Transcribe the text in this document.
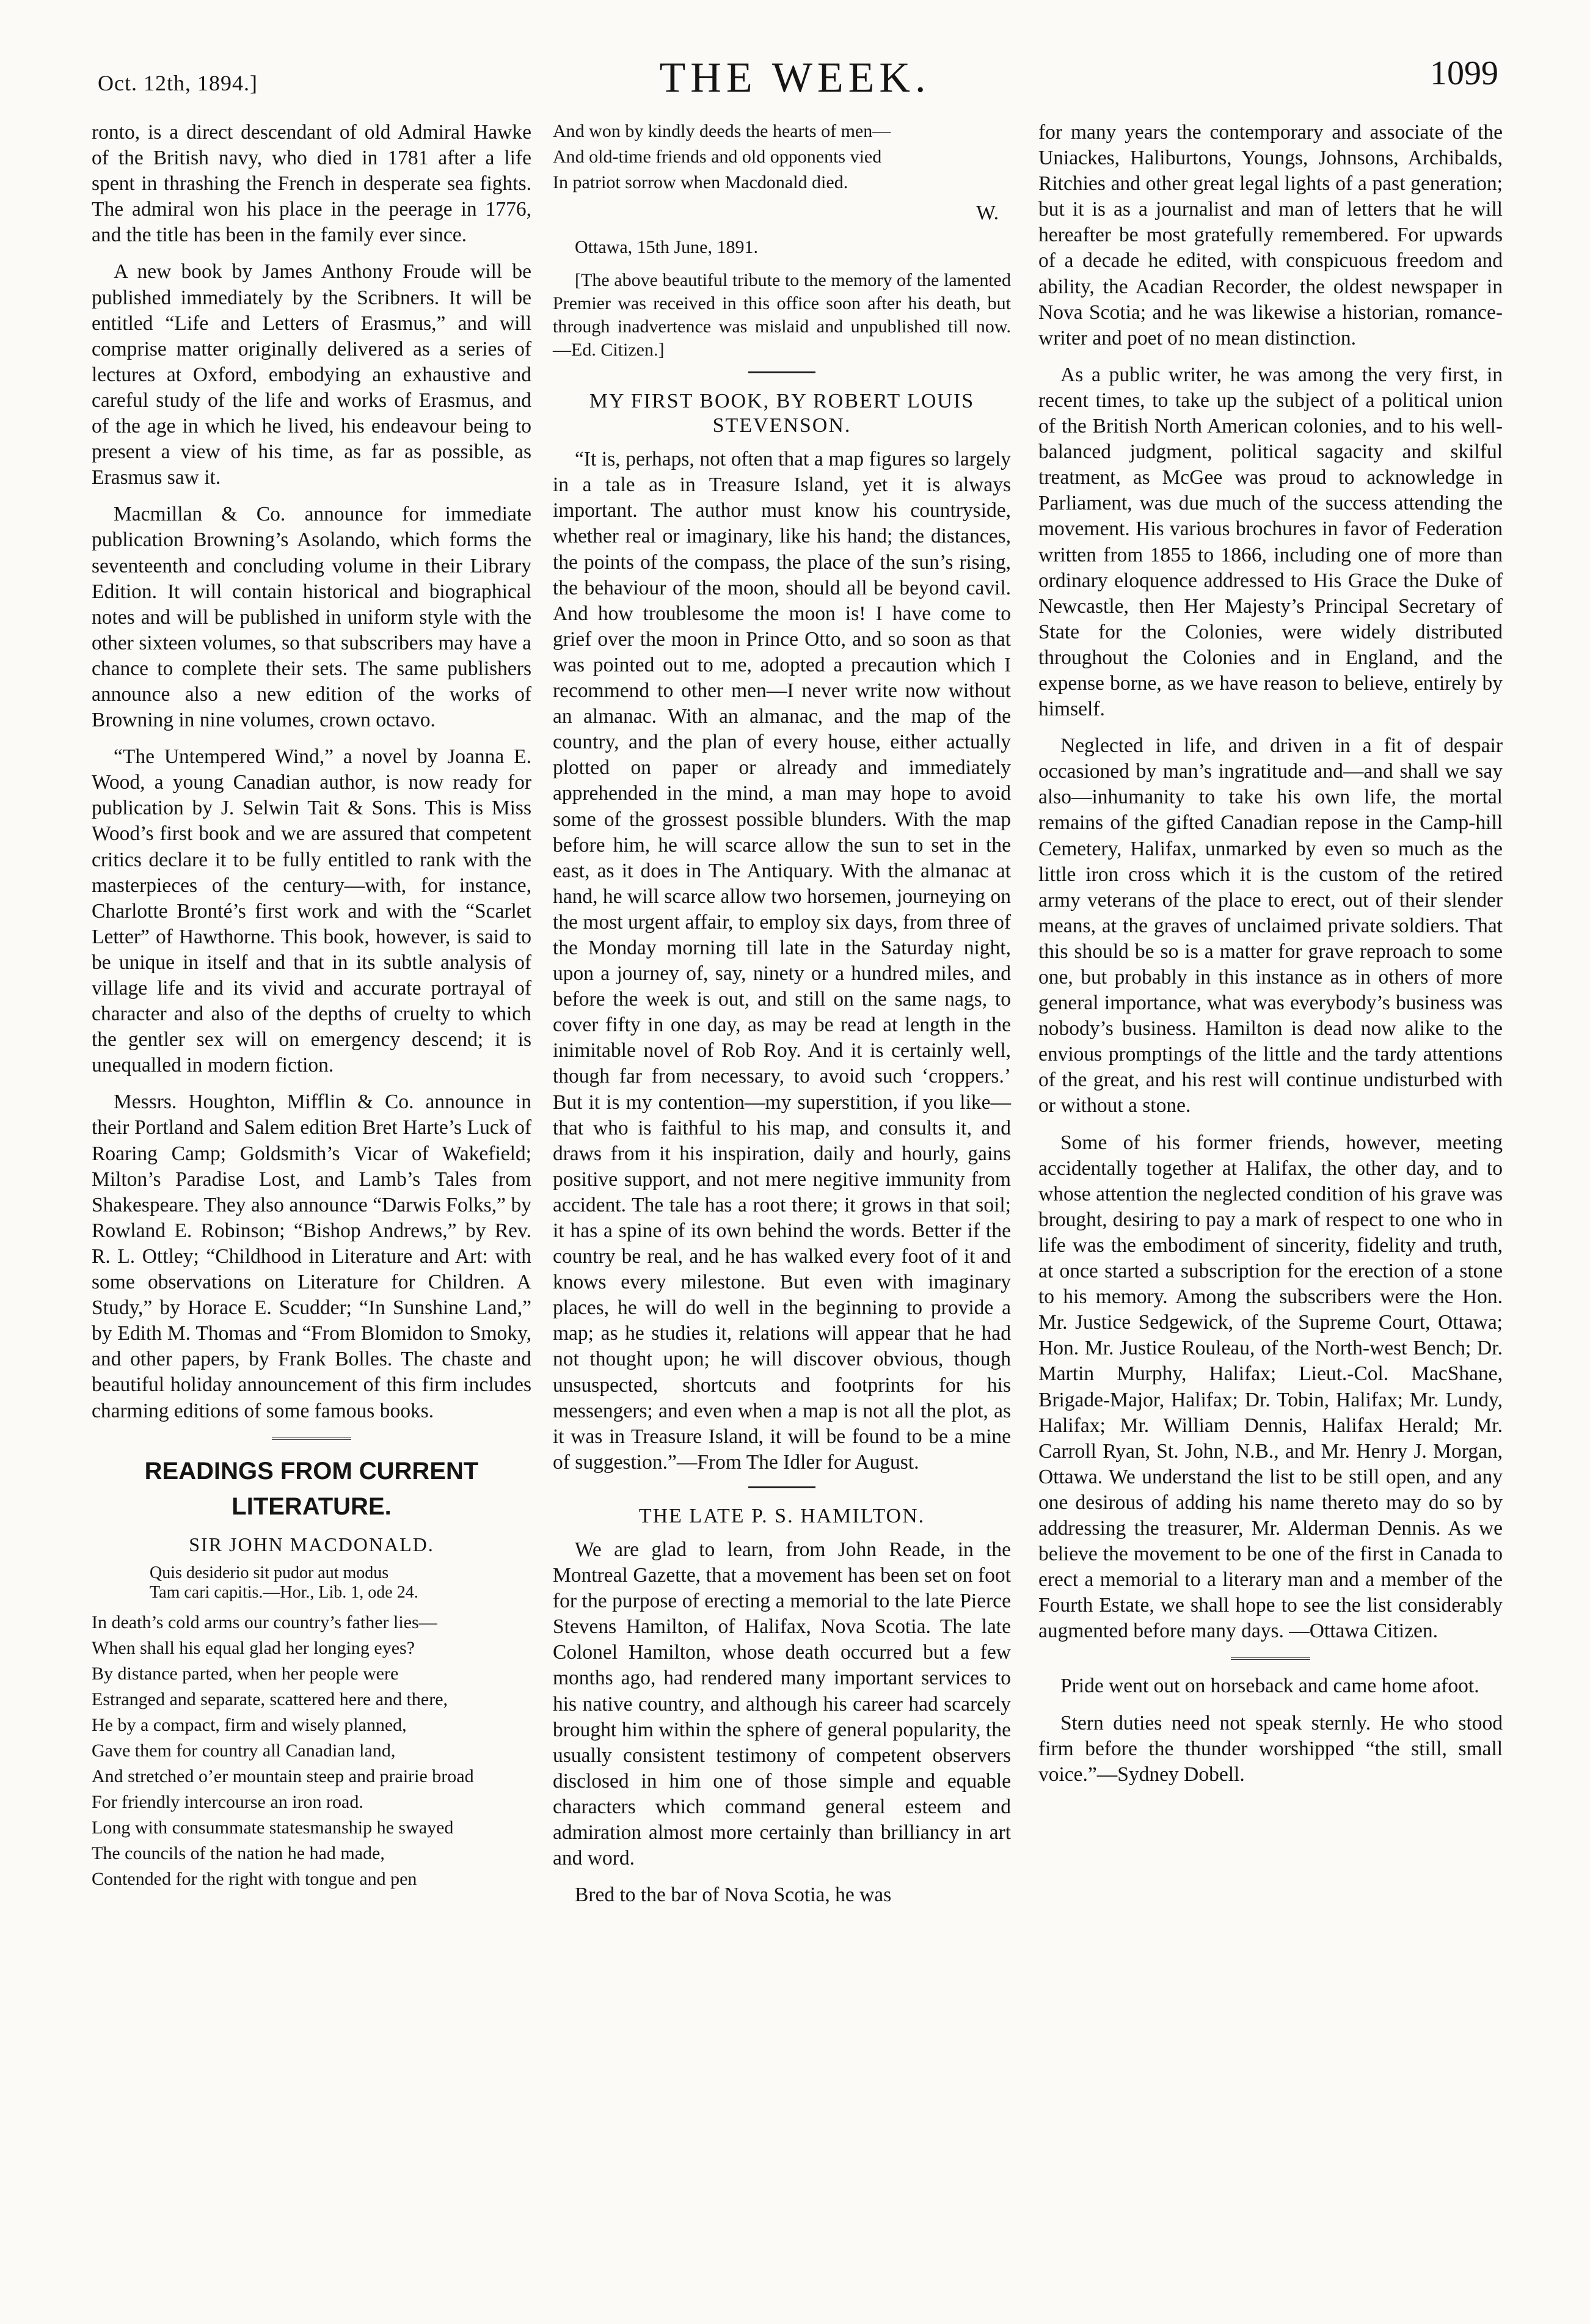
Oct. 12th, 1894.]	THE WEEK.	1099

ronto, is a direct descendant of old Admiral Hawke of the British navy, who died in 1781 after a life spent in thrashing the French in desperate sea fights. The admiral won his place in the peerage in 1776, and the title has been in the family ever since.

A new book by James Anthony Froude will be published immediately by the Scribners. It will be entitled “Life and Letters of Erasmus,” and will comprise matter originally delivered as a series of lectures at Oxford, embodying an exhaustive and careful study of the life and works of Erasmus, and of the age in which he lived, his endeavour being to present a view of his time, as far as possible, as Erasmus saw it.

Macmillan & Co. announce for immediate publication Browning’s Asolando, which forms the seventeenth and concluding volume in their Library Edition. It will contain historical and biographical notes and will be published in uniform style with the other sixteen volumes, so that subscribers may have a chance to complete their sets. The same publishers announce also a new edition of the works of Browning in nine volumes, crown octavo.

“The Untempered Wind,” a novel by Joanna E. Wood, a young Canadian author, is now ready for publication by J. Selwin Tait & Sons. This is Miss Wood’s first book and we are assured that competent critics declare it to be fully entitled to rank with the masterpieces of the century—with, for instance, Charlotte Bronté’s first work and with the “Scarlet Letter” of Hawthorne. This book, however, is said to be unique in itself and that in its subtle analysis of village life and its vivid and accurate portrayal of character and also of the depths of cruelty to which the gentler sex will on emergency descend; it is unequalled in modern fiction.

Messrs. Houghton, Mifflin & Co. announce in their Portland and Salem edition Bret Harte’s Luck of Roaring Camp; Goldsmith’s Vicar of Wakefield; Milton’s Paradise Lost, and Lamb’s Tales from Shakespeare. They also announce “Darwis Folks,” by Rowland E. Robinson; “Bishop Andrews,” by Rev. R. L. Ottley; “Childhood in Literature and Art: with some observations on Literature for Children. A Study,” by Horace E. Scudder; “In Sunshine Land,” by Edith M. Thomas and “From Blomidon to Smoky, and other papers, by Frank Bolles. The chaste and beautiful holiday announcement of this firm includes charming editions of some famous books.

READINGS FROM CURRENT LITERATURE.
SIR JOHN MACDONALD.
Quis desiderio sit pudor aut modus
Tam cari capitis.—Hor., Lib. 1, ode 24.
In death’s cold arms our country’s father lies—
When shall his equal glad her longing eyes?
By distance parted, when her people were
Estranged and separate, scattered here and there,
He by a compact, firm and wisely planned,
Gave them for country all Canadian land,
And stretched o’er mountain steep and prairie broad
For friendly intercourse an iron road.
Long with consummate statesmanship he swayed
The councils of the nation he had made,
Contended for the right with tongue and pen
And won by kindly deeds the hearts of men—
And old-time friends and old opponents vied
In patriot sorrow when Macdonald died.
W.
Ottawa, 15th June, 1891.

[The above beautiful tribute to the memory of the lamented Premier was received in this office soon after his death, but through inadvertence was mislaid and unpublished till now. —Ed. Citizen.]

MY FIRST BOOK, BY ROBERT LOUIS STEVENSON.

“It is, perhaps, not often that a map figures so largely in a tale as in Treasure Island, yet it is always important. The author must know his countryside, whether real or imaginary, like his hand; the distances, the points of the compass, the place of the sun’s rising, the behaviour of the moon, should all be beyond cavil. And how troublesome the moon is! I have come to grief over the moon in Prince Otto, and so soon as that was pointed out to me, adopted a precaution which I recommend to other men—I never write now without an almanac. With an almanac, and the map of the country, and the plan of every house, either actually plotted on paper or already and immediately apprehended in the mind, a man may hope to avoid some of the grossest possible blunders. With the map before him, he will scarce allow the sun to set in the east, as it does in The Antiquary. With the almanac at hand, he will scarce allow two horsemen, journeying on the most urgent affair, to employ six days, from three of the Monday morning till late in the Saturday night, upon a journey of, say, ninety or a hundred miles, and before the week is out, and still on the same nags, to cover fifty in one day, as may be read at length in the inimitable novel of Rob Roy. And it is certainly well, though far from necessary, to avoid such ‘croppers.’ But it is my contention—my superstition, if you like—that who is faithful to his map, and consults it, and draws from it his inspiration, daily and hourly, gains positive support, and not mere negitive immunity from accident. The tale has a root there; it grows in that soil; it has a spine of its own behind the words. Better if the country be real, and he has walked every foot of it and knows every milestone. But even with imaginary places, he will do well in the beginning to provide a map; as he studies it, relations will appear that he had not thought upon; he will discover obvious, though unsuspected, shortcuts and footprints for his messengers; and even when a map is not all the plot, as it was in Treasure Island, it will be found to be a mine of suggestion.”—From The Idler for August.

THE LATE P. S. HAMILTON.

We are glad to learn, from John Reade, in the Montreal Gazette, that a movement has been set on foot for the purpose of erecting a memorial to the late Pierce Stevens Hamilton, of Halifax, Nova Scotia. The late Colonel Hamilton, whose death occurred but a few months ago, had rendered many important services to his native country, and although his career had scarcely brought him within the sphere of general popularity, the usually consistent testimony of competent observers disclosed in him one of those simple and equable characters which command general esteem and admiration almost more certainly than brilliancy in art and word.

Bred to the bar of Nova Scotia, he was

for many years the contemporary and associate of the Uniackes, Haliburtons, Youngs, Johnsons, Archibalds, Ritchies and other great legal lights of a past generation; but it is as a journalist and man of letters that he will hereafter be most gratefully remembered. For upwards of a decade he edited, with conspicuous freedom and ability, the Acadian Recorder, the oldest newspaper in Nova Scotia; and he was likewise a historian, romance-writer and poet of no mean distinction.

As a public writer, he was among the very first, in recent times, to take up the subject of a political union of the British North American colonies, and to his well-balanced judgment, political sagacity and skilful treatment, as McGee was proud to acknowledge in Parliament, was due much of the success attending the movement. His various brochures in favor of Federation written from 1855 to 1866, including one of more than ordinary eloquence addressed to His Grace the Duke of Newcastle, then Her Majesty’s Principal Secretary of State for the Colonies, were widely distributed throughout the Colonies and in England, and the expense borne, as we have reason to believe, entirely by himself.

Neglected in life, and driven in a fit of despair occasioned by man’s ingratitude and—and shall we say also—inhumanity to take his own life, the mortal remains of the gifted Canadian repose in the Camp-hill Cemetery, Halifax, unmarked by even so much as the little iron cross which it is the custom of the retired army veterans of the place to erect, out of their slender means, at the graves of unclaimed private soldiers. That this should be so is a matter for grave reproach to some one, but probably in this instance as in others of more general importance, what was everybody’s business was nobody’s business. Hamilton is dead now alike to the envious promptings of the little and the tardy attentions of the great, and his rest will continue undisturbed with or without a stone.

Some of his former friends, however, meeting accidentally together at Halifax, the other day, and to whose attention the neglected condition of his grave was brought, desiring to pay a mark of respect to one who in life was the embodiment of sincerity, fidelity and truth, at once started a subscription for the erection of a stone to his memory. Among the subscribers were the Hon. Mr. Justice Sedgewick, of the Supreme Court, Ottawa; Hon. Mr. Justice Rouleau, of the North-west Bench; Dr. Martin Murphy, Halifax; Lieut.-Col. MacShane, Brigade-Major, Halifax; Dr. Tobin, Halifax; Mr. Lundy, Halifax; Mr. William Dennis, Halifax Herald; Mr. Carroll Ryan, St. John, N.B., and Mr. Henry J. Morgan, Ottawa. We understand the list to be still open, and any one desirous of adding his name thereto may do so by addressing the treasurer, Mr. Alderman Dennis. As we believe the movement to be one of the first in Canada to erect a memorial to a literary man and a member of the Fourth Estate, we shall hope to see the list considerably augmented before many days. —Ottawa Citizen.

Pride went out on horseback and came home afoot.

Stern duties need not speak sternly. He who stood firm before the thunder worshipped “the still, small voice.”—Sydney Dobell.
